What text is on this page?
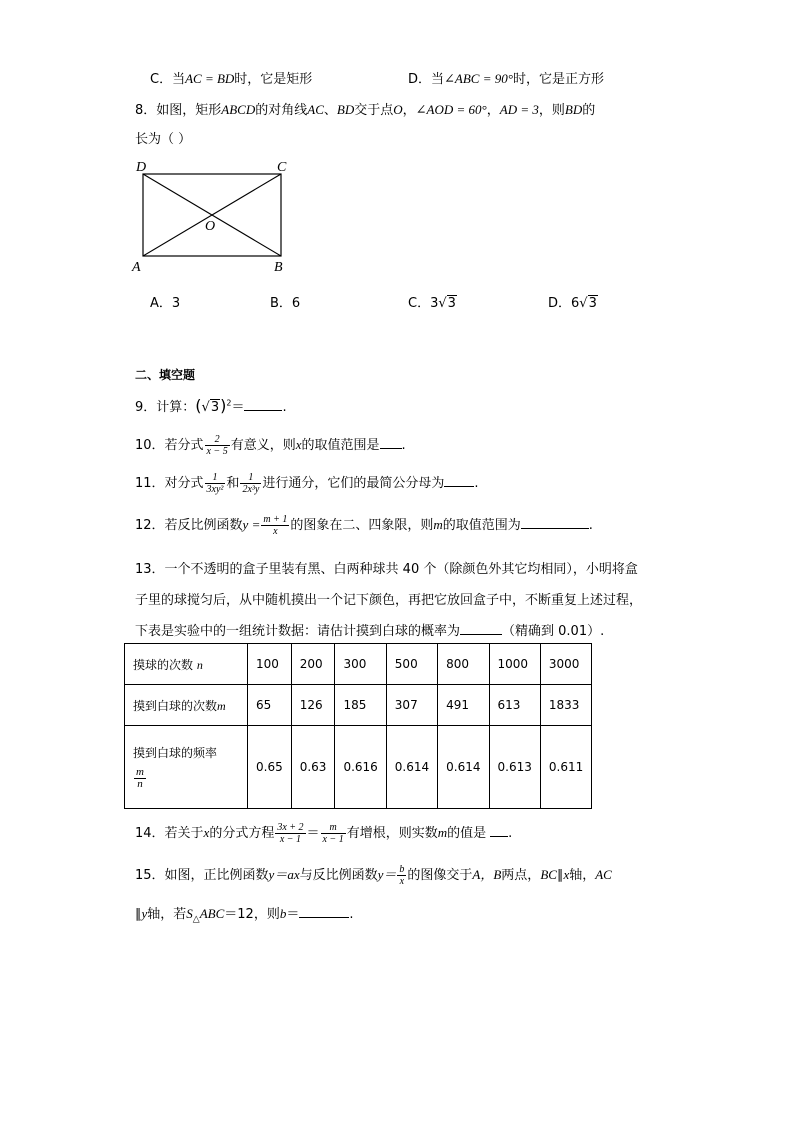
C．当AC = BD时，它是矩形	D．当∠ABC = 90°时，它是正方形
8．如图，矩形ABCD的对角线AC、BD交于点O，∠AOD = 60°，AD = 3，则BD的
长为（ ）
D	C
O
A	B
A．3	B．6	C．3√3	D．6√3
二、填空题
9．计算：$(√3)^2=$	.
10．若分式 $\frac{2}{x - 5}$ 有意义，则x的取值范围是 .
11．对分式 $\frac{1}{\text{3xy²}}$ 和 $\frac{1}{\text{2x³y}}$ 进行通分，它们的最简公分母为 .
12．若反比例函数$y = \frac{m + 1}{x}$ 的图象在二、四象限，则m的取值范围为	.
13．一个不透明的盒子里装有黑、白两种球共 40 个（除颜色外其它均相同），小明将盒
子里的球搅匀后，从中随机摸出一个记下颜色，再把它放回盒子中，不断重复上述过程，
下表是实验中的一组统计数据：请估计摸到白球的概率为	（精确到 0.01）.
摸球的次数 n	100	200	300	500	800	1000	3000
摸到白球的次数m	65	126	185	307	491	613	1833

摸到白球的频率
$\frac{m}{n}$	0.65	0.63	0.616	0.614	0.614	0.613	0.611
14．若关于x的分式方程 $\frac{3x + 2}{x - 1} = \frac{m}{x - 1}$ 有增根，则实数m的值是 .
15．如图，正比例函数y＝ax与反比例函数$y= \frac{b}{x}$ 的图像交于A，B两点，BC∥x轴，AC
∥y轴，若$S_\triangle ABC=12$，则b＝	.
